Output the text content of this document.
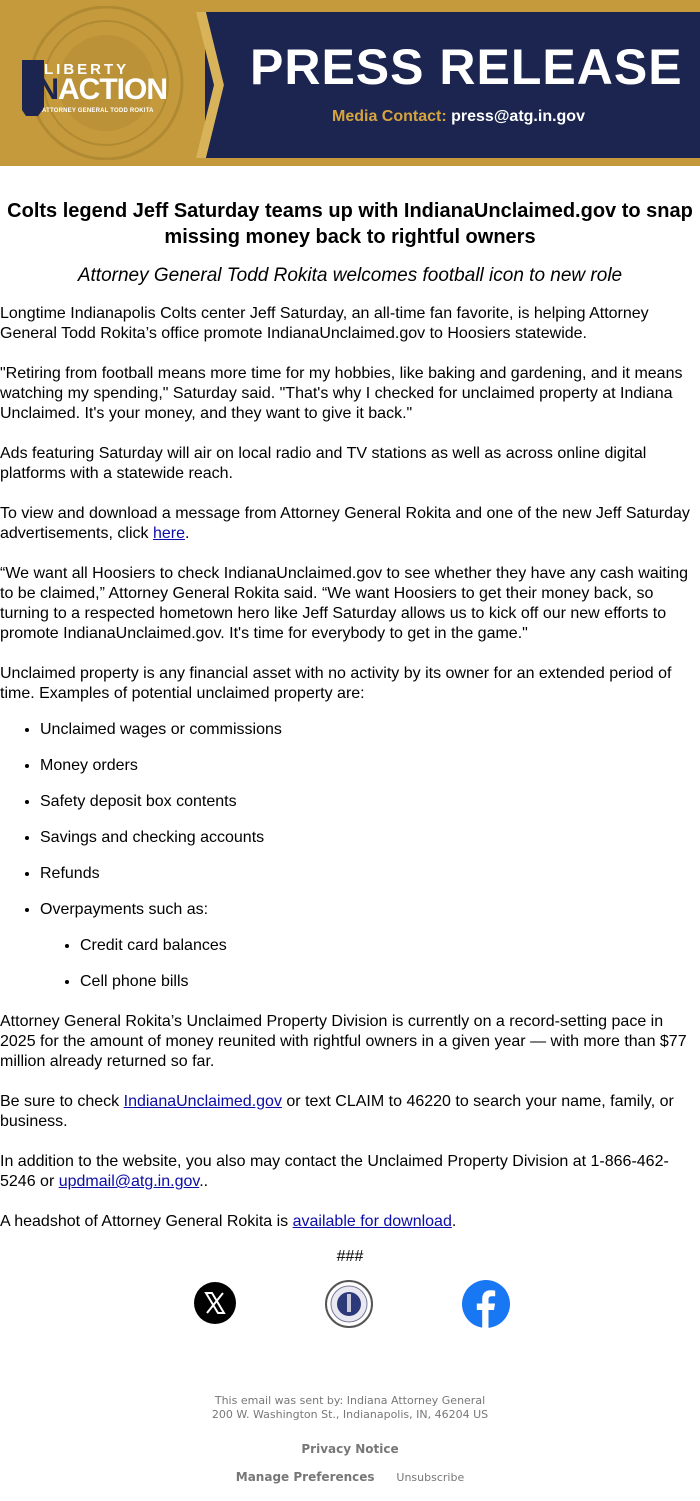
LIBERTY
INACTION
ATTORNEY GENERAL TODD ROKITA
PRESS RELEASE
Media Contact: press@atg.in.gov
Colts legend Jeff Saturday teams up with IndianaUnclaimed.gov to snap missing money back to rightful owners
Attorney General Todd Rokita welcomes football icon to new role

Longtime Indianapolis Colts center Jeff Saturday, an all-time fan favorite, is helping Attorney General Todd Rokita’s office promote IndianaUnclaimed.gov to Hoosiers statewide.

"Retiring from football means more time for my hobbies, like baking and gardening, and it means watching my spending," Saturday said. "That's why I checked for unclaimed property at Indiana Unclaimed. It's your money, and they want to give it back."

Ads featuring Saturday will air on local radio and TV stations as well as across online digital platforms with a statewide reach.

To view and download a message from Attorney General Rokita and one of the new Jeff Saturday advertisements, click here.

“We want all Hoosiers to check IndianaUnclaimed.gov to see whether they have any cash waiting to be claimed,” Attorney General Rokita said. “We want Hoosiers to get their money back, so turning to a respected hometown hero like Jeff Saturday allows us to kick off our new efforts to promote IndianaUnclaimed.gov. It's time for everybody to get in the game."

Unclaimed property is any financial asset with no activity by its owner for an extended period of time. Examples of potential unclaimed property are:

• Unclaimed wages or commissions
• Money orders
• Safety deposit box contents
• Savings and checking accounts
• Refunds
• Overpayments such as:
• Credit card balances
• Cell phone bills

Attorney General Rokita’s Unclaimed Property Division is currently on a record-setting pace in 2025 for the amount of money reunited with rightful owners in a given year — with more than $77 million already returned so far.

Be sure to check IndianaUnclaimed.gov or text CLAIM to 46220 to search your name, family, or business.

In addition to the website, you also may contact the Unclaimed Property Division at 1-866-462-5246 or updmail@atg.in.gov..

A headshot of Attorney General Rokita is available for download.

###
This email was sent by: Indiana Attorney General
200 W. Washington St., Indianapolis, IN, 46204 US
Privacy Notice
Manage Preferences Unsubscribe
